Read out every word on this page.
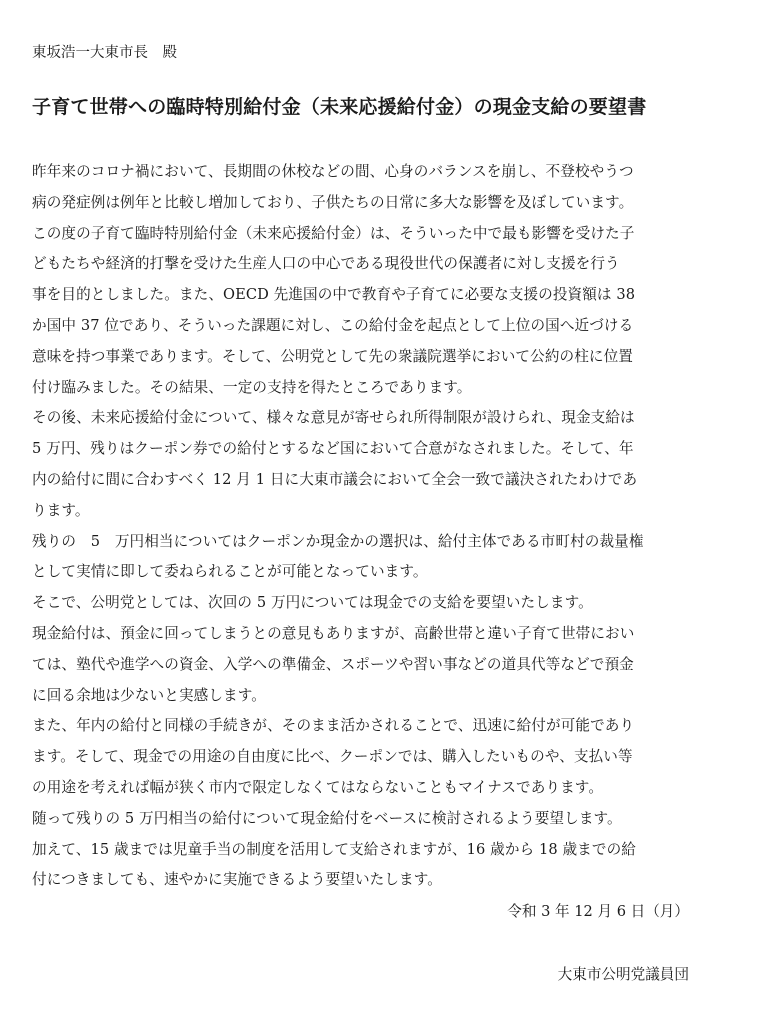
東坂浩一大東市長　殿
子育て世帯への臨時特別給付金（未来応援給付金）の現金支給の要望書
昨年来のコロナ禍において、長期間の休校などの間、心身のバランスを崩し、不登校やうつ
病の発症例は例年と比較し増加しており、子供たちの日常に多大な影響を及ぼしています。
この度の子育て臨時特別給付金（未来応援給付金）は、そういった中で最も影響を受けた子
どもたちや経済的打撃を受けた生産人口の中心である現役世代の保護者に対し支援を行う
事を目的としました。また、OECD 先進国の中で教育や子育てに必要な支援の投資額は 38
か国中 37 位であり、そういった課題に対し、この給付金を起点として上位の国へ近づける
意味を持つ事業であります。そして、公明党として先の衆議院選挙において公約の柱に位置
付け臨みました。その結果、一定の支持を得たところであります。
その後、未来応援給付金について、様々な意見が寄せられ所得制限が設けられ、現金支給は
5 万円、残りはクーポン券での給付とするなど国において合意がなされました。そして、年
内の給付に間に合わすべく 12 月 1 日に大東市議会において全会一致で議決されたわけであ
ります。
残りの　5　万円相当についてはクーポンか現金かの選択は、給付主体である市町村の裁量権
として実情に即して委ねられることが可能となっています。
そこで、公明党としては、次回の 5 万円については現金での支給を要望いたします。
現金給付は、預金に回ってしまうとの意見もありますが、高齢世帯と違い子育て世帯におい
ては、塾代や進学への資金、入学への準備金、スポーツや習い事などの道具代等などで預金
に回る余地は少ないと実感します。
また、年内の給付と同様の手続きが、そのまま活かされることで、迅速に給付が可能であり
ます。そして、現金での用途の自由度に比べ、クーポンでは、購入したいものや、支払い等
の用途を考えれば幅が狭く市内で限定しなくてはならないこともマイナスであります。
随って残りの 5 万円相当の給付について現金給付をベースに検討されるよう要望します。
加えて、15 歳までは児童手当の制度を活用して支給されますが、16 歳から 18 歳までの給
付につきましても、速やかに実施できるよう要望いたします。
令和 3 年 12 月 6 日（月）
大東市公明党議員団
